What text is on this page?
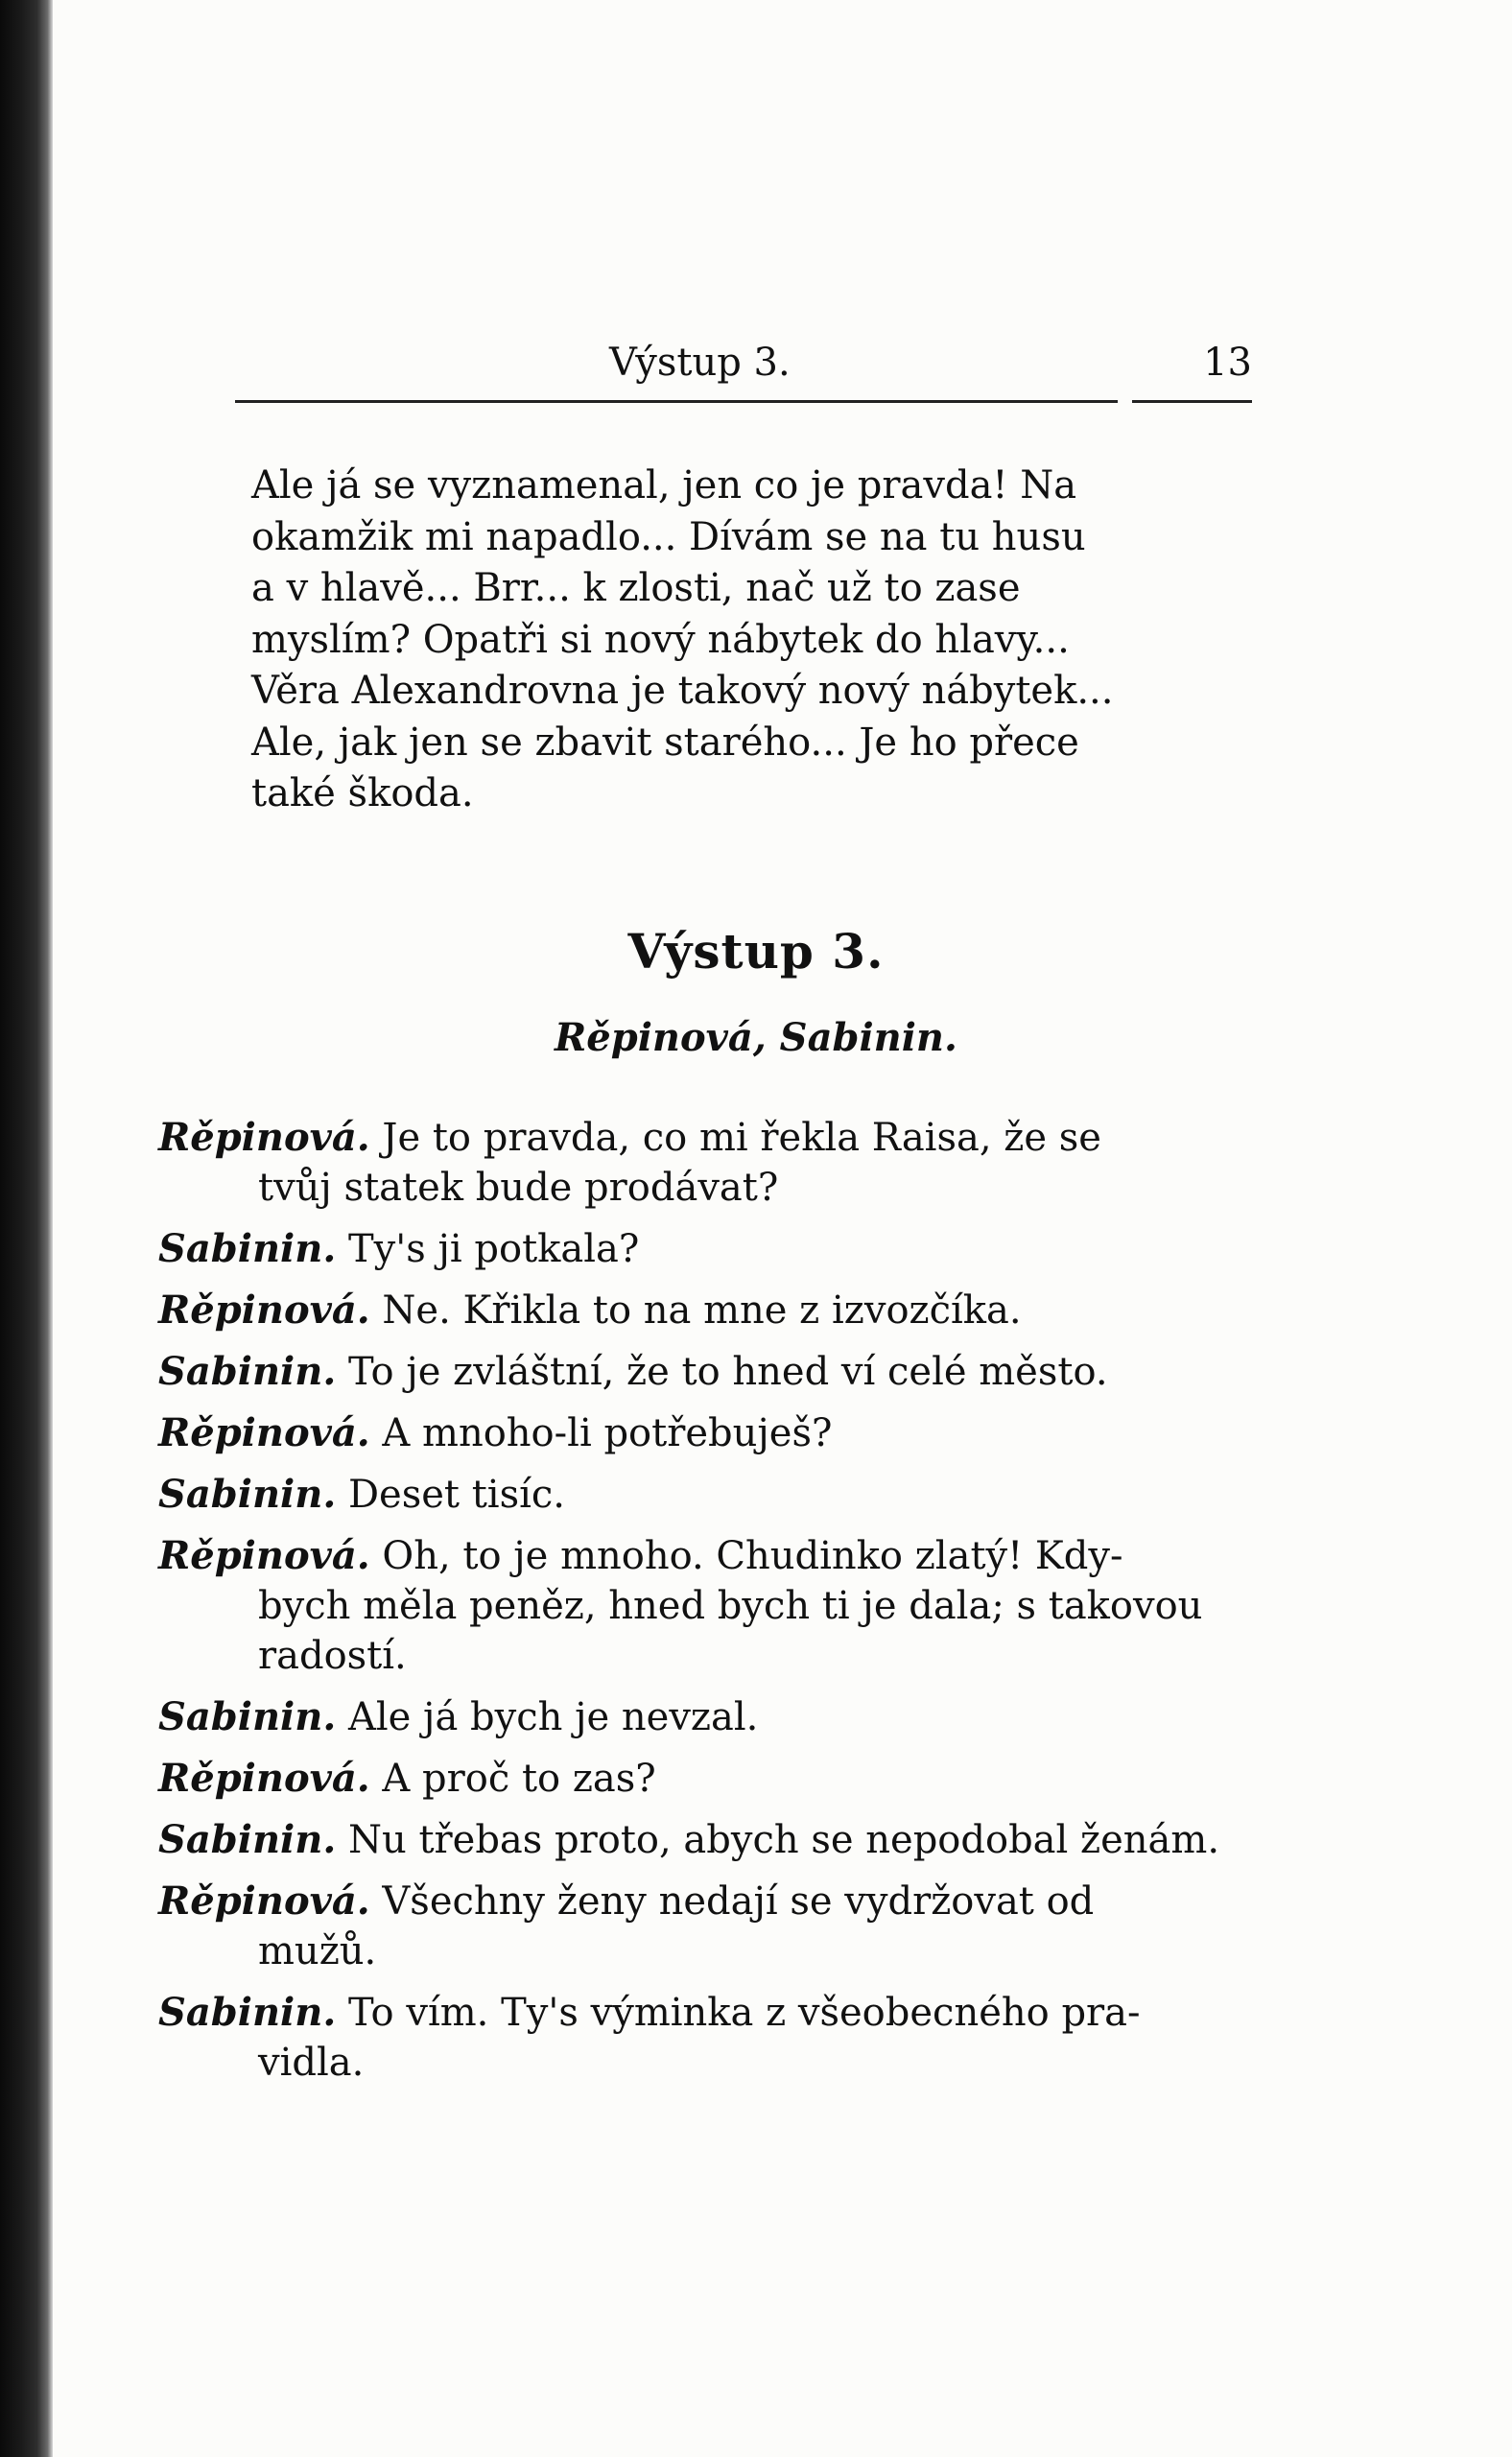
Výstup 3.	13
Ale já se vyznamenal, jen co je pravda! Na
okamžik mi napadlo... Dívám se na tu husu
a v hlavě... Brr... k zlosti, nač už to zase
myslím? Opatři si nový nábytek do hlavy...
Věra Alexandrovna je takový nový nábytek...
Ale, jak jen se zbavit starého... Je ho přece
také škoda.
Výstup 3.
Rěpinová, Sabinin.
Rěpinová. Je to pravda, co mi řekla Raisa, že se
tvůj statek bude prodávat?
Sabinin. Ty's ji potkala?
Rěpinová. Ne. Křikla to na mne z izvozčíka.
Sabinin. To je zvláštní, že to hned ví celé město.
Rěpinová. A mnoho-li potřebuješ?
Sabinin. Deset tisíc.
Rěpinová. Oh, to je mnoho. Chudinko zlatý! Kdy-
bych měla peněz, hned bych ti je dala; s takovou
radostí.
Sabinin. Ale já bych je nevzal.
Rěpinová. A proč to zas?
Sabinin. Nu třebas proto, abych se nepodobal ženám.
Rěpinová. Všechny ženy nedají se vydržovat od
mužů.
Sabinin. To vím. Ty's výminka z všeobecného pra-
vidla.
